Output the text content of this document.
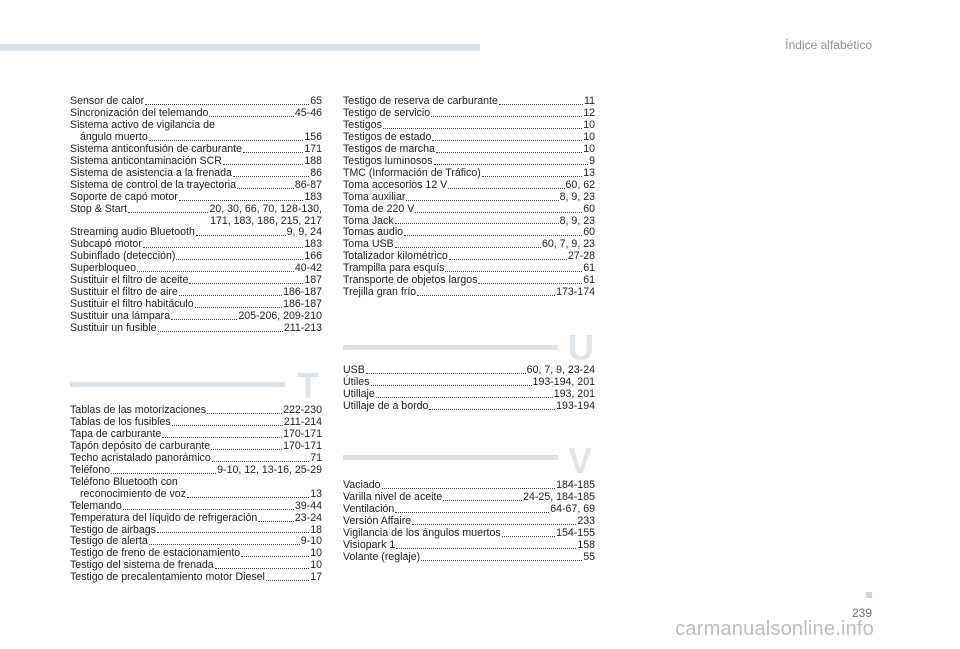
Índice alfabético
Sensor de calor	65
Sincronización del telemando	45-46
Sistema activo de vigilancia de
ángulo muerto	156
Sistema anticonfusión de carburante	171
Sistema anticontaminación SCR	188
Sistema de asistencia a la frenada	86
Sistema de control de la trayectoria	86-87
Soporte de capó motor	183
Stop & Start	20, 30, 66, 70, 128-130,
171, 183, 186, 215, 217
Streaming audio Bluetooth	9, 9, 24
Subcapó motor	183
Subinflado (detección)	166
Superbloqueo	40-42
Sustituir el filtro de aceite	187
Sustituir el filtro de aire	186-187
Sustituir el filtro habitáculo	186-187
Sustituir una lámpara	205-206, 209-210
Sustituir un fusible	211-213
Testigo de reserva de carburante	11
Testigo de servicio	12
Testigos	10
Testigos de estado	10
Testigos de marcha	10
Testigos luminosos	9
TMC (Información de Tráfico)	13
Toma accesorios 12 V	60, 62
Toma auxiliar	8, 9, 23
Toma de 220 V	60
Toma Jack	8, 9, 23
Tomas audio	60
Toma USB	60, 7, 9, 23
Totalizador kilométrico	27-28
Trampilla para esquís	61
Transporte de objetos largos	61
Trejilla gran frío	173-174
U
USB	60, 7, 9, 23-24
Útiles	193-194, 201
Utillaje	193, 201
Utillaje de a bordo	193-194
V
Vaciado	184-185
Varilla nivel de aceite	24-25, 184-185
Ventilación	64-67, 69
Versión Affaire	233
Vigilancia de los ángulos muertos	154-155
Visiopark 1	158
Volante (reglaje)	55
T
Tablas de las motorizaciones	222-230
Tablas de los fusibles	211-214
Tapa de carburante	170-171
Tapón depósito de carburante	170-171
Techo acristalado panorámico	71
Teléfono	9-10, 12, 13-16, 25-29
Teléfono Bluetooth con
reconocimiento de voz	13
Telemando	39-44
Temperatura del líquido de refrigeración	23-24
Testigo de airbags	18
Testigo de alerta	9-10
Testigo de freno de estacionamiento	10
Testigo del sistema de frenada	10
Testigo de precalentamiento motor Diesel	17
239
carmanualsonline.info
